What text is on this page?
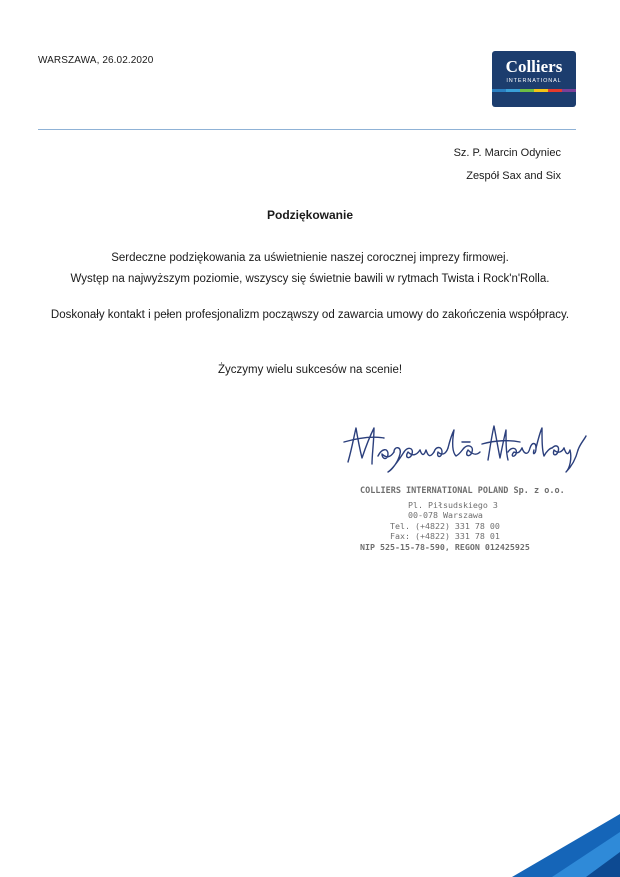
WARSZAWA, 26.02.2020	Colliers
INTERNATIONAL
Sz. P. Marcin Odyniec
Zespół Sax and Six
Podziękowanie
Serdeczne podziękowania za uświetnienie naszej corocznej imprezy firmowej.
Występ na najwyższym poziomie, wszyscy się świetnie bawili w rytmach Twista i Rock'n'Rolla.
Doskonały kontakt i pełen profesjonalizm począwszy od zawarcia umowy do zakończenia współpracy.
Życzymy wielu sukcesów na scenie!
COLLIERS INTERNATIONAL POLAND Sp. z o.o.
Pl. Piłsudskiego 3
00-078 Warszawa
Tel. (+4822) 331 78 00
Fax: (+4822) 331 78 01
NIP 525-15-78-590, REGON 012425925
